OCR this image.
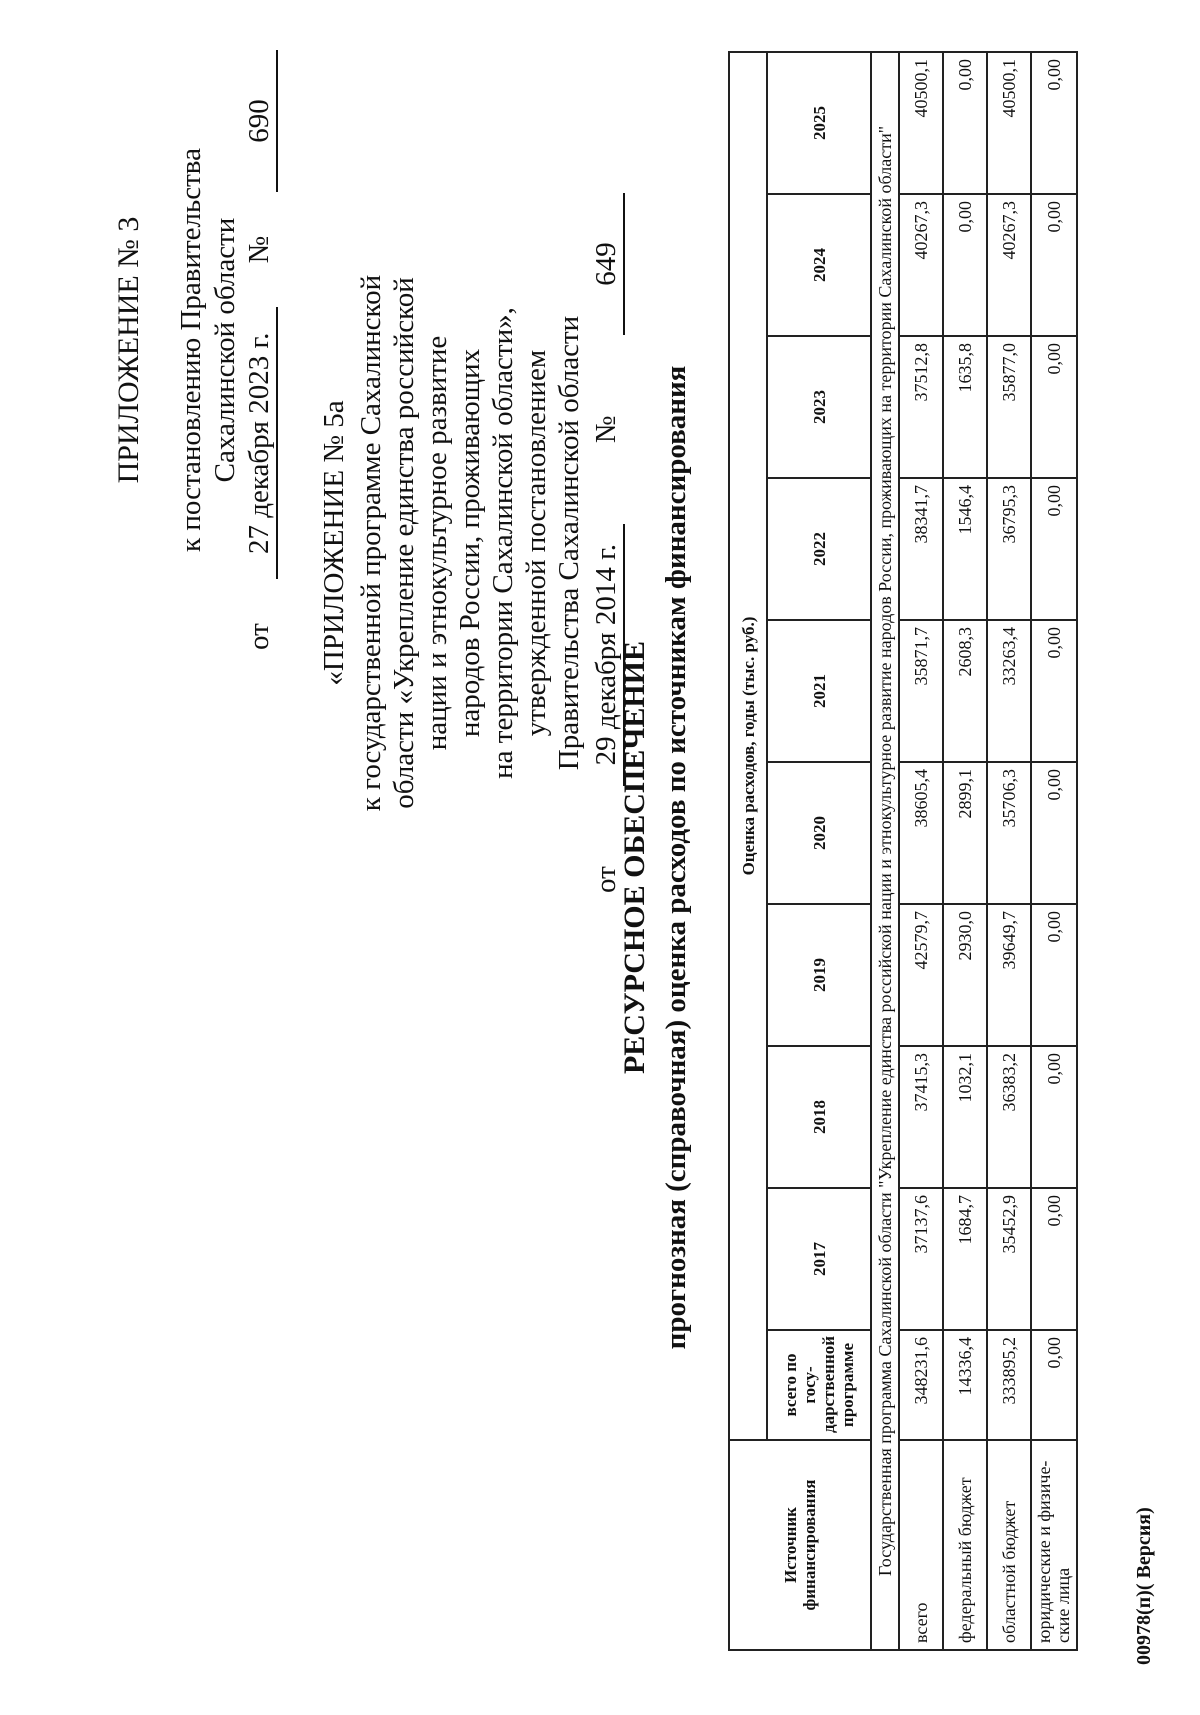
ПРИЛОЖЕНИЕ № 3 к постановлению Правительства Сахалинской области
от
27 декабря 2023 г.
№
690
«ПРИЛОЖЕНИЕ № 5а к государственной программе Сахалинской области «Укрепление единства российской нации и этнокультурное развитие народов России, проживающих на территории Сахалинской области», утвержденной постановлением Правительства Сахалинской области
от
29 декабря 2014 г.
№
649
РЕСУРСНОЕ ОБЕСПЕЧЕНИЕ прогнозная (справочная) оценка расходов по источникам финансирования
Источник финансирования	Оценка расходов, годы (тыс. руб.)									
	всего по госу-дарственной программе	2017	2018	2019	2020	2021	2022	2023	2024	2025
Государственная программа Сахалинской области "Укрепление единства российской нации и этнокультурное развитие народов России, проживающих на территории Сахалинской области"										
всего	348231,6	37137,6	37415,3	42579,7	38605,4	35871,7	38341,7	37512,8	40267,3	40500,1
федеральный бюджет	14336,4	1684,7	1032,1	2930,0	2899,1	2608,3	1546,4	1635,8	0,00	0,00
областной бюджет	333895,2	35452,9	36383,2	39649,7	35706,3	33263,4	36795,3	35877,0	40267,3	40500,1
юридические и физиче-ские лица	0,00	0,00	0,00	0,00	0,00	0,00	0,00	0,00	0,00	0,00
00978(п)( Версия)
